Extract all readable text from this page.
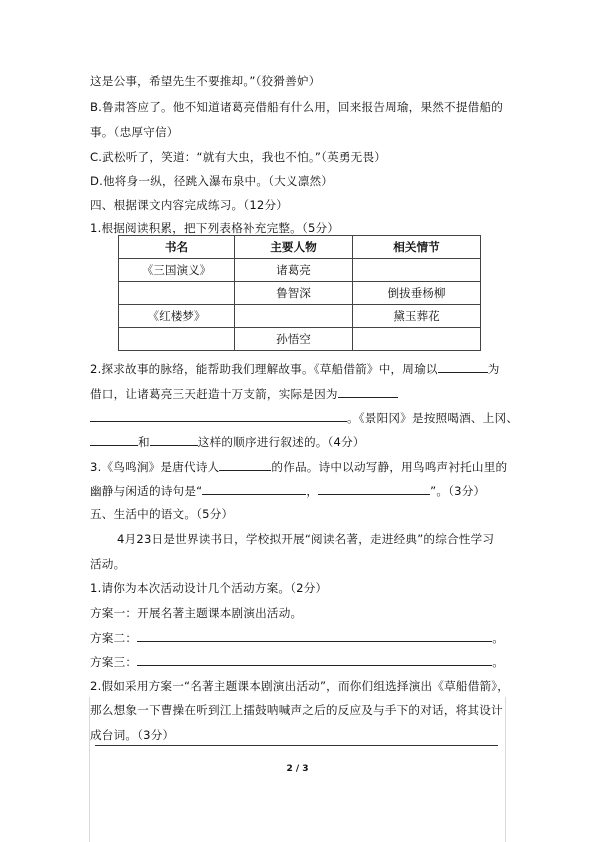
这是公事，希望先生不要推却。”（狡猾善妒）
B.鲁肃答应了。他不知道诸葛亮借船有什么用，回来报告周瑜，果然不提借船的
事。（忠厚守信）
C.武松听了，笑道：“就有大虫，我也不怕。”（英勇无畏）
D.他将身一纵，径跳入瀑布泉中。（大义凛然）
四、根据课文内容完成练习。（12分）
1.根据阅读积累，把下列表格补充完整。（5分）
书名	主要人物	相关情节
《三国演义》	诸葛亮	
	鲁智深	倒拔垂杨柳
《红楼梦》		黛玉葬花
	孙悟空	
2.探求故事的脉络，能帮助我们理解故事。《草船借箭》中，周瑜以	为
借口，让诸葛亮三天赶造十万支箭，实际是因为
。《景阳冈》是按照喝酒、上冈、
和	这样的顺序进行叙述的。（4分）
3.《鸟鸣涧》是唐代诗人	的作品。诗中以动写静，用鸟鸣声衬托山里的
幽静与闲适的诗句是“	，	”。（3分）
五、生活中的语文。（5分）
4月23日是世界读书日，学校拟开展“阅读名著，走进经典”的综合性学习
活动。
1.请你为本次活动设计几个活动方案。（2分）
方案一：开展名著主题课本剧演出活动。
方案二：	。
方案三：	。
2.假如采用方案一“名著主题课本剧演出活动”，而你们组选择演出《草船借箭》，
那么想象一下曹操在听到江上擂鼓呐喊声之后的反应及与手下的对话，将其设计
成台词。（3分）
2 / 3
